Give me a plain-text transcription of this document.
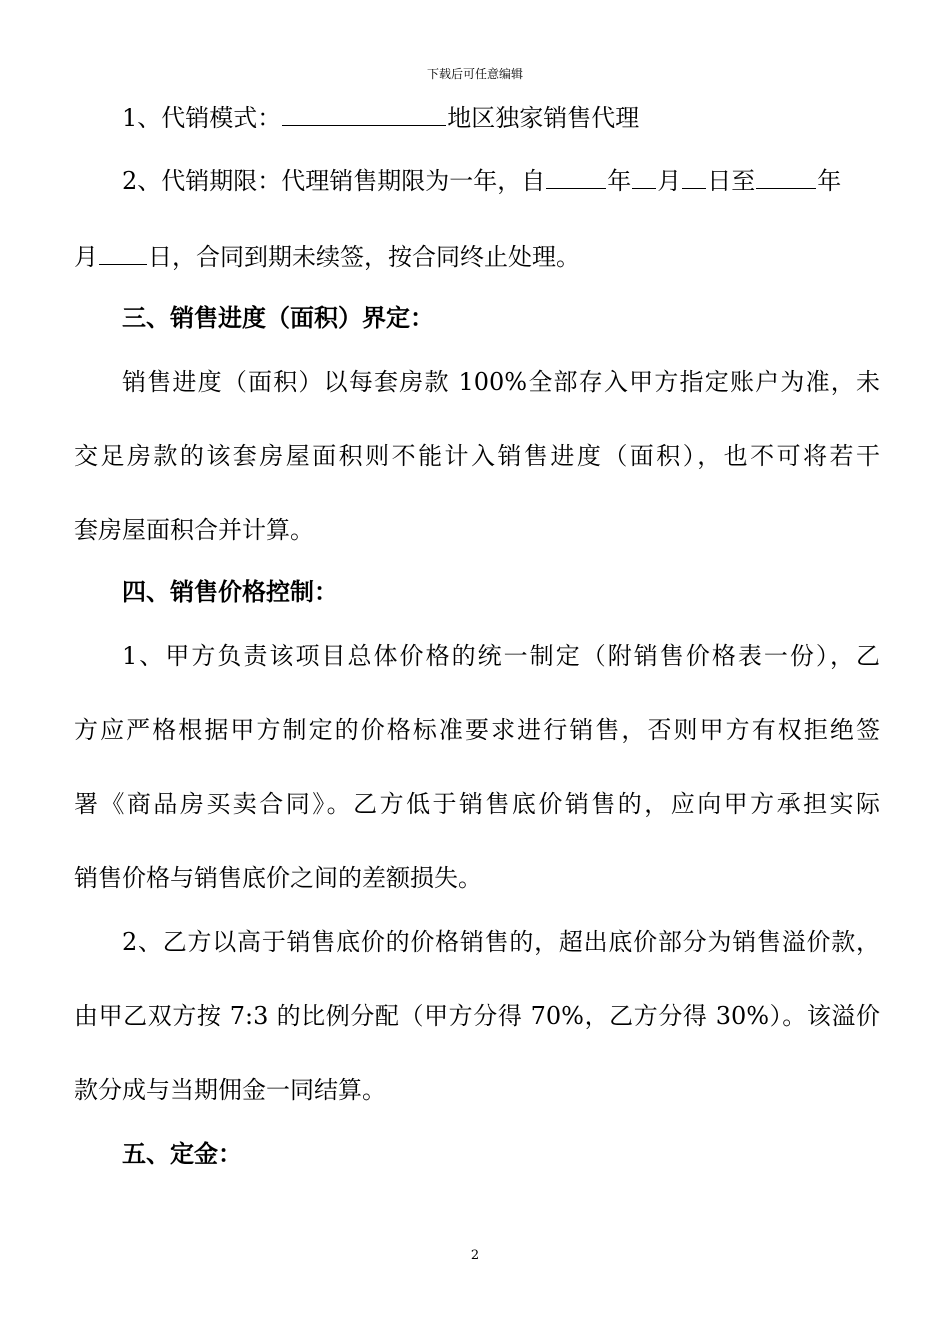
下载后可任意编辑
1、代销模式：	地区独家销售代理
2、代销期限：代理销售期限为一年，自	年 月 日至	年
月 日，合同到期未续签，按合同终止处理。
三、销售进度（面积）界定：
销售进度（面积）以每套房款 100%全部存入甲方指定账户为准，未
交足房款的该套房屋面积则不能计入销售进度（面积），也不可将若干
套房屋面积合并计算。
四、销售价格控制：
1、甲方负责该项目总体价格的统一制定（附销售价格表一份），乙
方应严格根据甲方制定的价格标准要求进行销售，否则甲方有权拒绝签
署《商品房买卖合同》。乙方低于销售底价销售的，应向甲方承担实际
销售价格与销售底价之间的差额损失。
2、乙方以高于销售底价的价格销售的，超出底价部分为销售溢价款，
由甲乙双方按 7:3 的比例分配（甲方分得 70%，乙方分得 30%）。该溢价
款分成与当期佣金一同结算。
五、定金：
2
